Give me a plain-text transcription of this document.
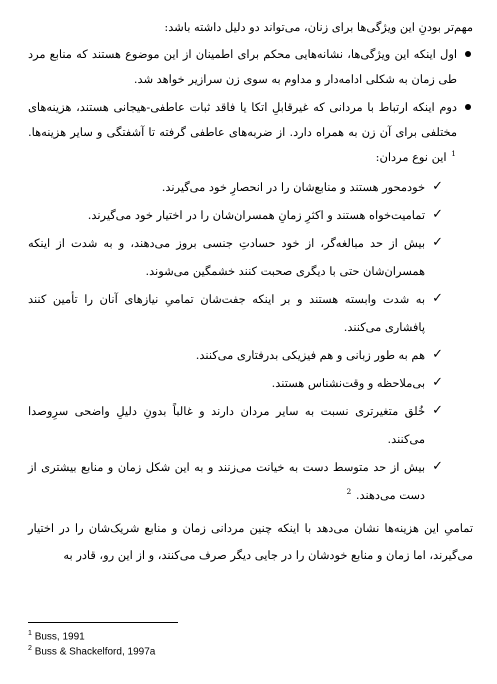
مهم‌تر بودنِ این ویژگی‌ها برای زنان، می‌تواند دو دلیل داشته باشد:

اول اینکه این ویژگی‌ها، نشانه‌هایی محکم برای اطمینان از این موضوع هستند که منابع مرد طی زمان به شکلی ادامه‌دار و مداوم به سوی زن سرازیر خواهد شد.
دوم اینکه ارتباط با مردانی که غیرقابلِ اتکا یا فاقد ثبات عاطفی-هیجانی هستند، هزینه‌های مختلفی برای آن زن به همراه دارد. از ضربه‌های عاطفی گرفته تا آشفتگی و سایر هزینه‌ها. $^1$ این نوع مردان:
✓
خودمحور هستند و منابع‌شان را در انحصارِ خود می‌گیرند.
✓
تمامیت‌خواه هستند و اکثرِ زمانِ همسران‌شان را در اختیار خود می‌گیرند.
✓
بیش از حد مبالغه‌گر، از خود حسادتِ جنسی بروز می‌دهند، و به شدت از اینکه همسران‌شان حتی با دیگری صحبت کنند خشمگین می‌شوند.
✓
به شدت وابسته هستند و بر اینکه جفت‌شان تمامیِ نیازهای آنان را تأمین کنند پافشاری می‌کنند.
✓
هم به طور زبانی و هم فیزیکی بدرفتاری می‌کنند.
✓
بی‌ملاحظه و وقت‌نشناس هستند.
✓
خُلق متغیرتری نسبت به سایر مردان دارند و غالباً بدونِ دلیلِ واضحی سرِوصدا می‌کنند.
✓
بیش از حد متوسط دست به خیانت می‌زنند و به این شکل زمان و منابع بیشتری از دست می‌دهند. $^2$

تمامیِ این هزینه‌ها نشان می‌دهد با اینکه چنین مردانی زمان و منابع شریک‌شان را در اختیار می‌گیرند، اما زمان و منابع خودشان را در جایی دیگر صرف می‌کنند، و از این رو، قادر به

$^1$ Buss, 1991
$^2$ Buss & Shackelford, 1997a
